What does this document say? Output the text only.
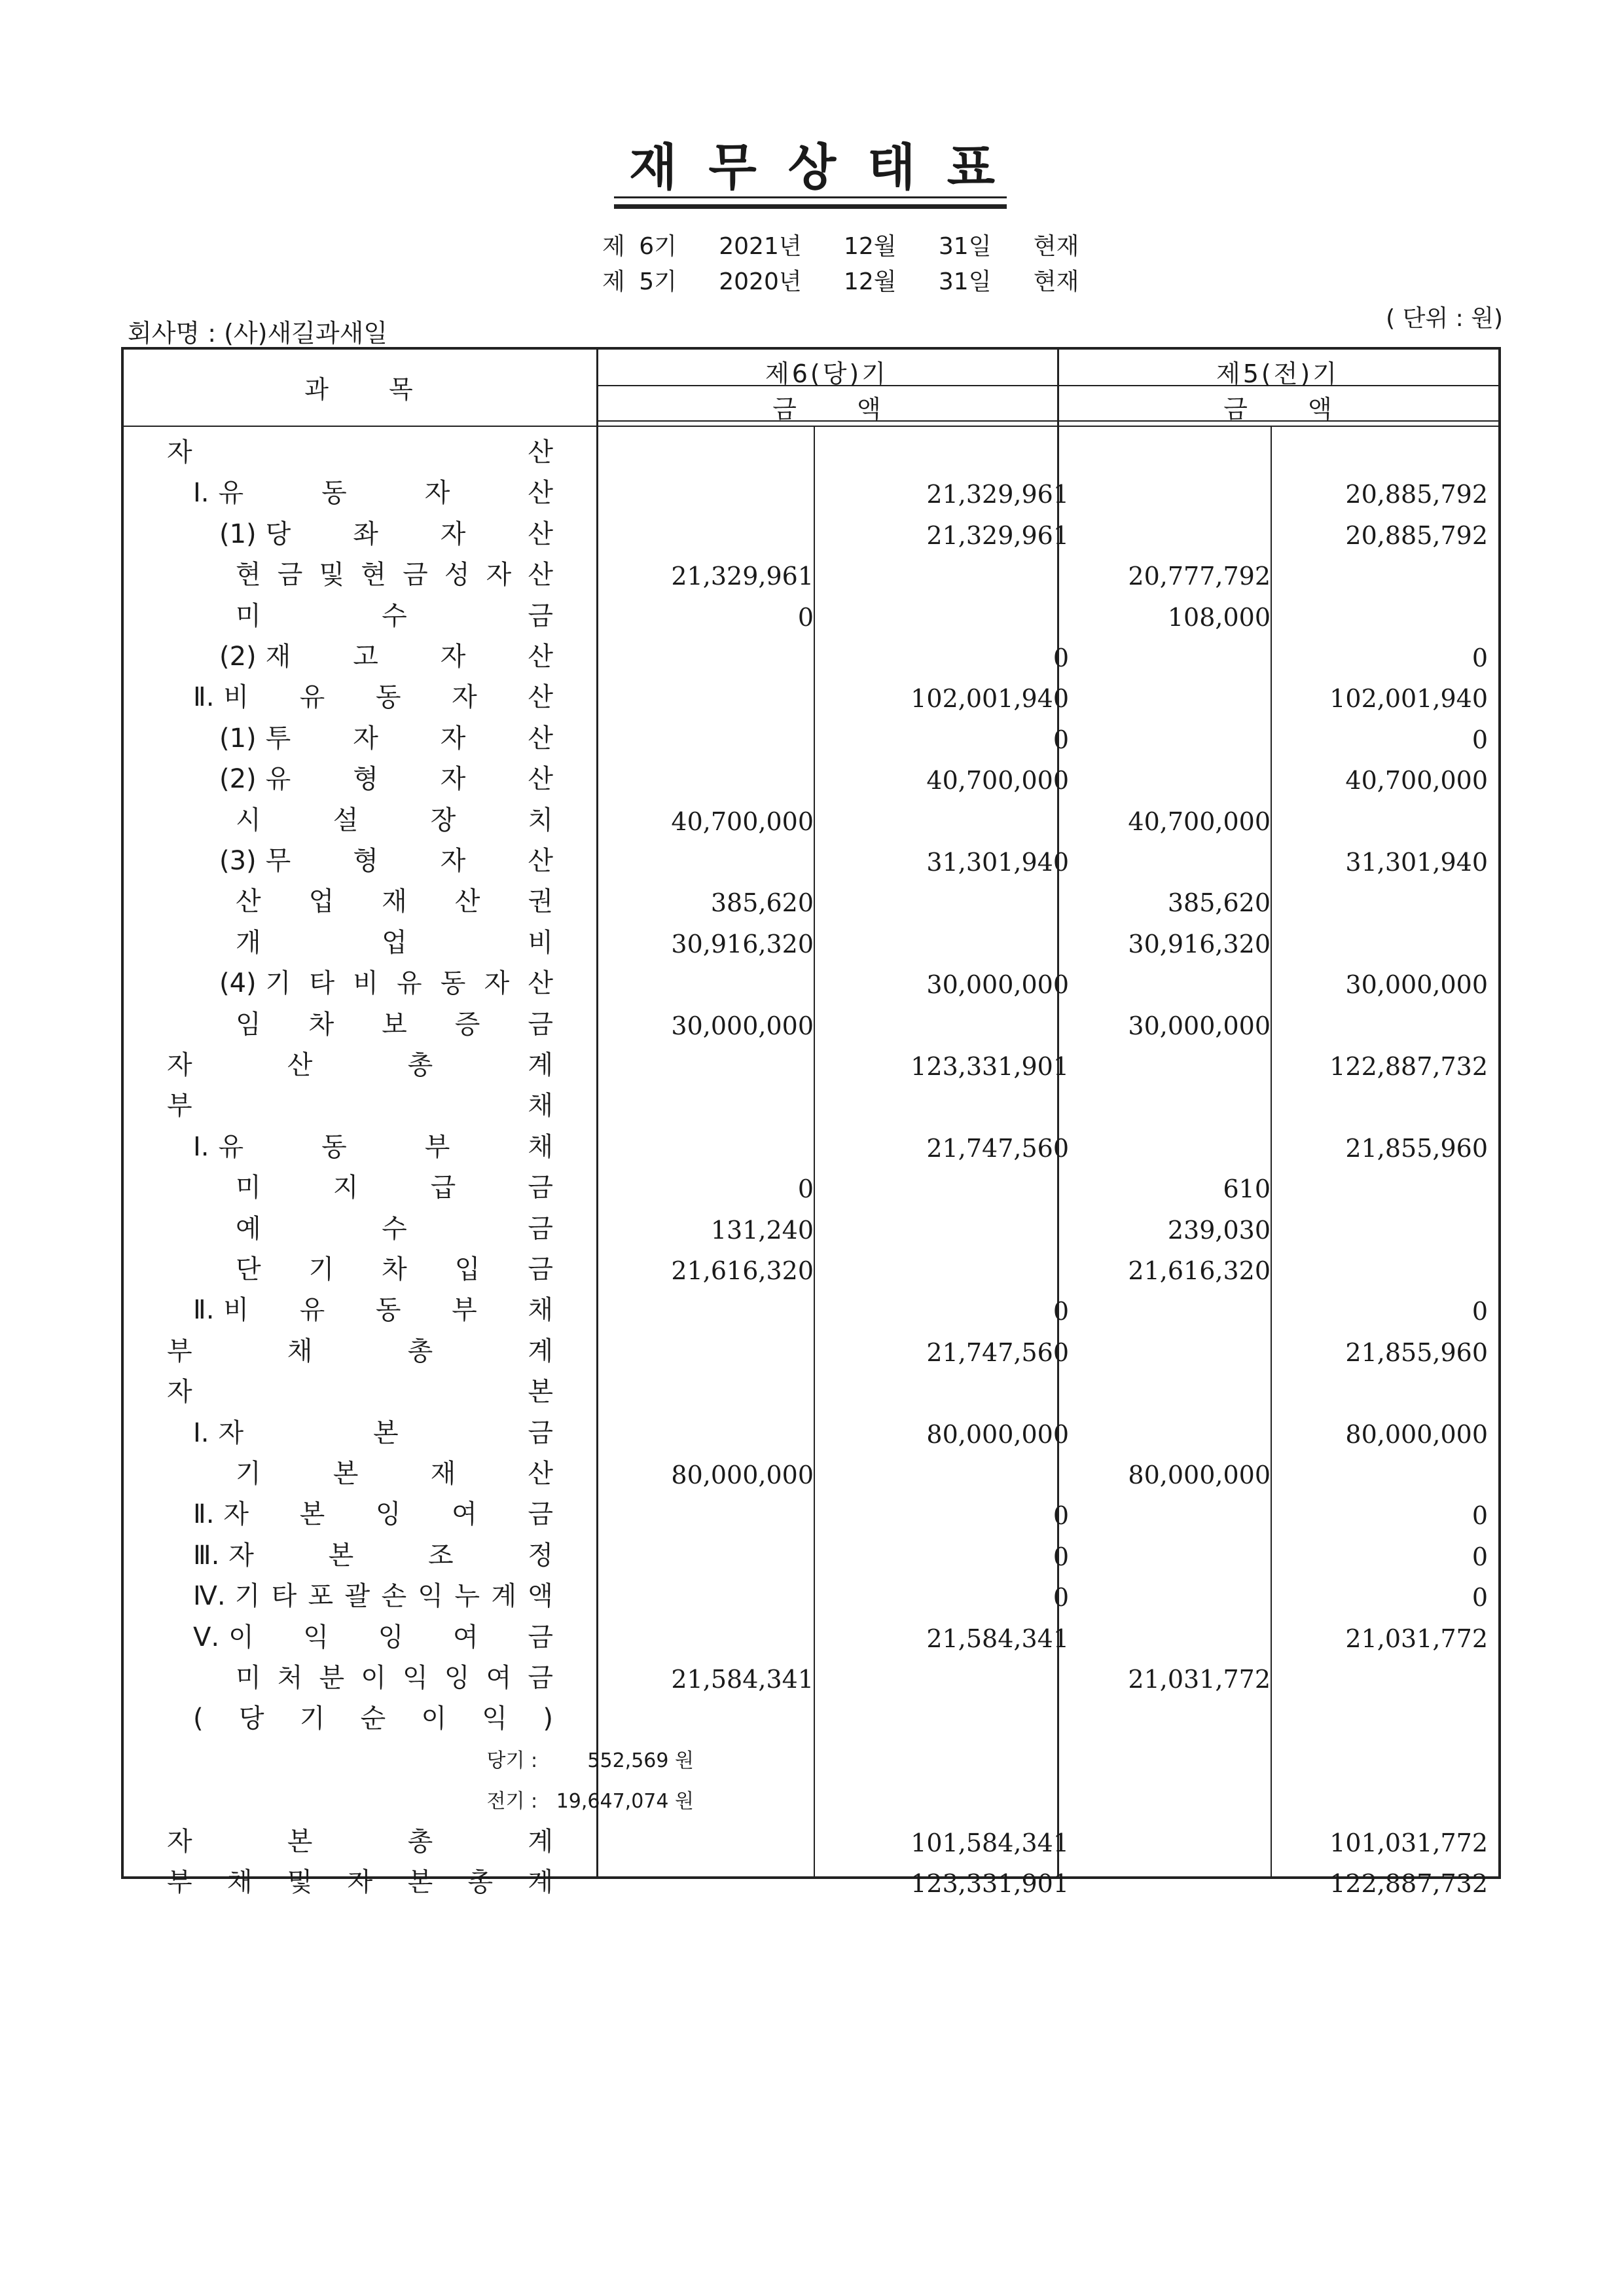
재무상태표
제 6기 2021년   12월   31일   현재
제 5기 2020년   12월   31일   현재
회사명 : (사)새길과새일
( 단위 : 원)
과 목
제6(당)기	제5(전)기
금 액	금 액
자	산
Ⅰ. 유	동	자	산	21,329,961	20,885,792
(1) 당 좌 자 산	21,329,961	20,885,792
현 금 및 현 금 성 자 산	21,329,961	20,777,792
미	수	금	0	108,000
(2) 재 고 자 산	0	0
Ⅱ. 비 유 동 자 산	102,001,940	102,001,940
(1) 투 자 자 산	0	0
(2) 유 형 자 산	40,700,000	40,700,000
시	설	장	치	40,700,000	40,700,000
(3) 무 형 자 산	31,301,940	31,301,940
산 업 재 산 권	385,620	385,620
개	업	비	30,916,320	30,916,320
(4) 기 타 비 유 동 자 산	30,000,000	30,000,000
임 차 보 증 금	30,000,000	30,000,000
자	산	총	계	123,331,901	122,887,732
부	채
Ⅰ. 유	동	부	채	21,747,560	21,855,960
미	지	급	금	0	610
예	수	금	131,240	239,030
단 기 차 입 금	21,616,320	21,616,320
Ⅱ. 비 유 동 부 채	0	0
부	채	총	계	21,747,560	21,855,960
자	본
Ⅰ. 자	본	금	80,000,000	80,000,000
기	본	재	산	80,000,000	80,000,000
Ⅱ. 자 본 잉 여 금	0	0
Ⅲ. 자	본	조	정	0	0
Ⅳ. 기 타 포 괄 손 익 누 계 액	0	0
Ⅴ. 이 익 잉 여 금	21,584,341	21,031,772
미 처 분 이 익 잉 여 금	21,584,341	21,031,772
( 당 기 순 이 익 )
당기 :        552,569 원
전기 :   19,647,074 원
자	본	총	계	101,584,341	101,031,772
부 채 및 자 본 총 계	123,331,901	122,887,732
